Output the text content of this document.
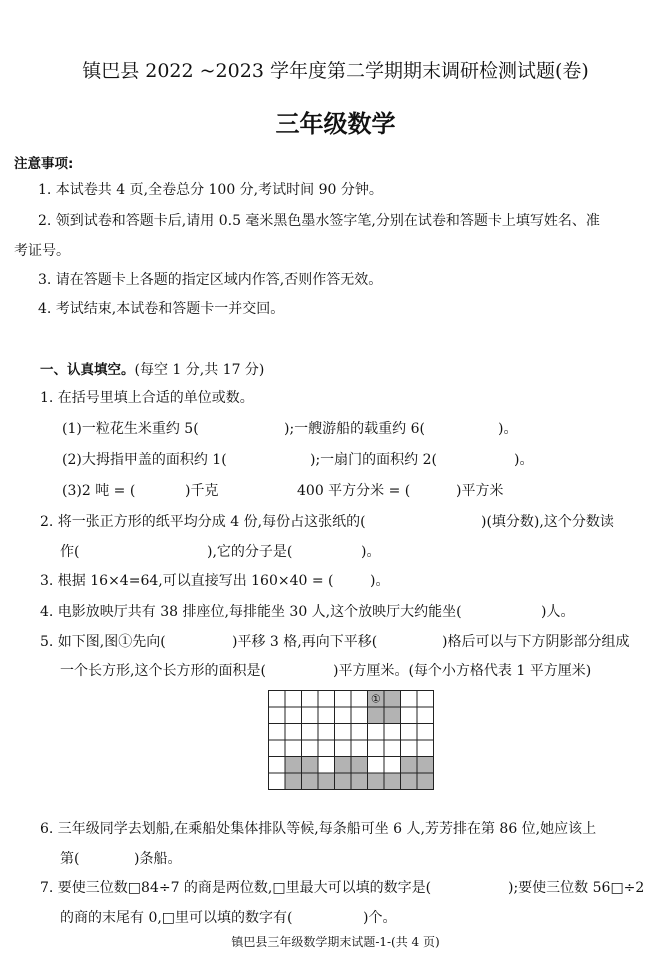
镇巴县 2022 ~2023 学年度第二学期期末调研检测试题(卷)
三年级数学
注意事项:
1. 本试卷共 4 页,全卷总分 100 分,考试时间 90 分钟。
2. 领到试卷和答题卡后,请用 0.5 毫米黑色墨水签字笔,分别在试卷和答题卡上填写姓名、准
考证号。
3. 请在答题卡上各题的指定区域内作答,否则作答无效。
4. 考试结束,本试卷和答题卡一并交回。
一、认真填空。(每空 1 分,共 17 分)
1. 在括号里填上合适的单位或数。
(1)一粒花生米重约 5(	);一艘游船的载重约 6(	)。
(2)大拇指甲盖的面积约 1(	);一扇门的面积约 2(	)。
(3)2 吨 = (	)千克	400 平方分米 = (	)平方米
2. 将一张正方形的纸平均分成 4 份,每份占这张纸的(	)(填分数),这个分数读
作(	),它的分子是(	)。
3. 根据 16×4=64,可以直接写出 160×40 = (	)。
4. 电影放映厅共有 38 排座位,每排能坐 30 人,这个放映厅大约能坐(	)人。
5. 如下图,图①先向(	)平移 3 格,再向下平移(	)格后可以与下方阴影部分组成
一个长方形,这个长方形的面积是(	)平方厘米。(每个小方格代表 1 平方厘米)
①
6. 三年级同学去划船,在乘船处集体排队等候,每条船可坐 6 人,芳芳排在第 86 位,她应该上
第(	)条船。
7. 要使三位数□84÷7 的商是两位数,□里最大可以填的数字是(	);要使三位数 56□÷2
的商的末尾有 0,□里可以填的数字有(	)个。
镇巴县三年级数学期末试题-1-(共 4 页)
